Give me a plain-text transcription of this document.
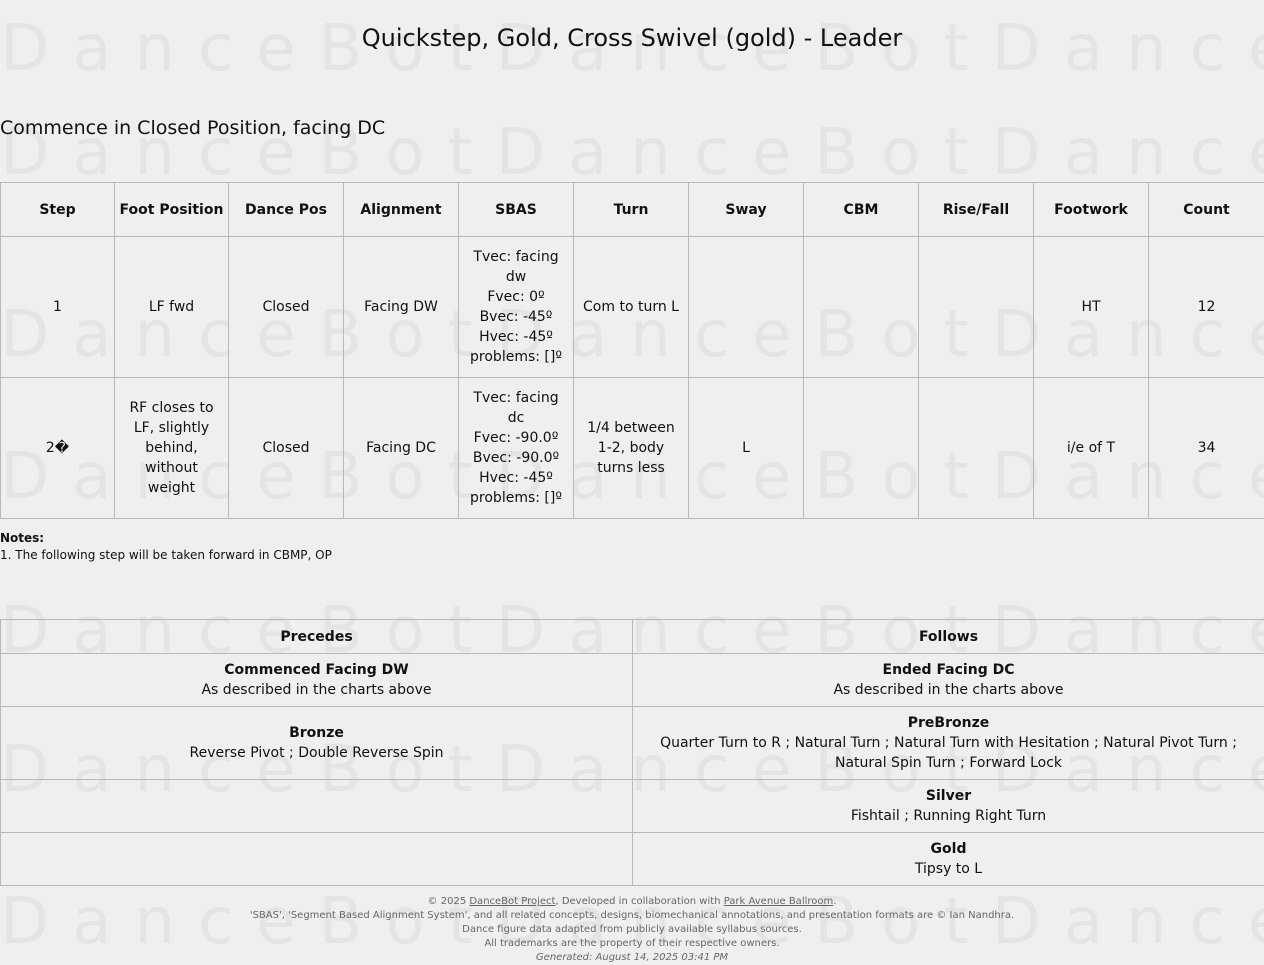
Quickstep, Gold, Cross Swivel (gold) - Leader
Commence in Closed Position, facing DC
Step	Foot Position	Dance Pos	Alignment	SBAS	Turn	Sway	CBM	Rise/Fall	Footwork	Count
1	LF fwd	Closed	Facing DW	Tvec: facing dw
Fvec: 0º
Bvec: -45º
Hvec: -45º
problems: []º	Com to turn L				HT	12
2�	RF closes to LF, slightly behind, without weight	Closed	Facing DC	Tvec: facing dc
Fvec: -90.0º
Bvec: -90.0º
Hvec: -45º
problems: []º	1/4 between 1-2, body turns less	L			i/e of T	34
Notes:
1. The following step will be taken forward in CBMP, OP
Precedes	Follows

Commenced Facing DW
As described in the charts above	Ended Facing DC
As described in the charts above

Bronze
Reverse Pivot ; Double Reverse Spin	PreBronze
Quarter Turn to R ; Natural Turn ; Natural Turn with Hesitation ; Natural Pivot Turn ; Natural Spin Turn ; Forward Lock

	Silver
Fishtail ; Running Right Turn

	Gold
Tipsy to L
© 2025 DanceBot Project, Developed in collaboration with Park Avenue Ballroom.
'SBAS', 'Segment Based Alignment System', and all related concepts, designs, biomechanical annotations, and presentation formats are © Ian Nandhra.
Dance figure data adapted from publicly available syllabus sources.
All trademarks are the property of their respective owners.
Generated: August 14, 2025 03:41 PM
